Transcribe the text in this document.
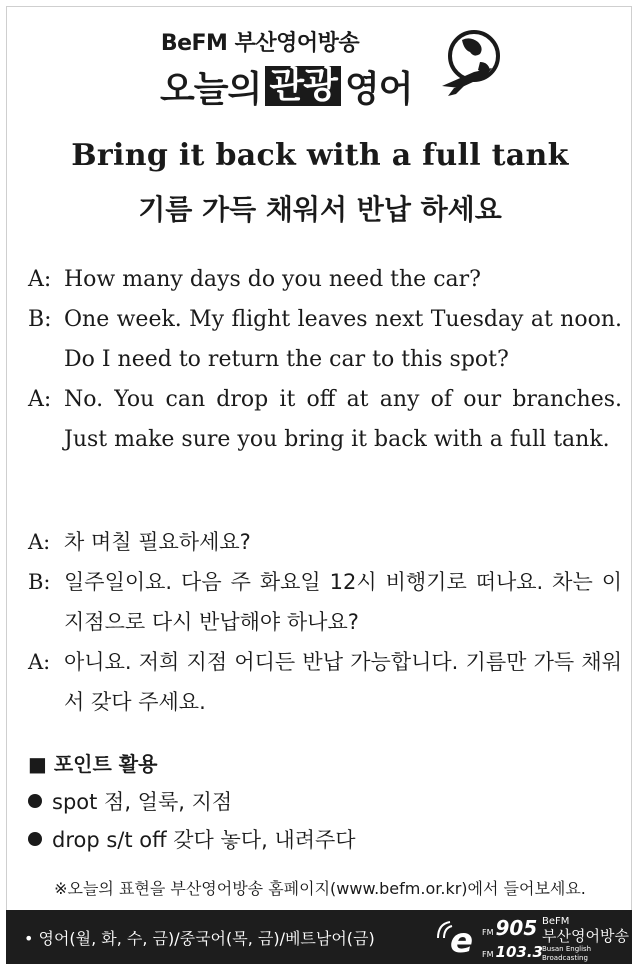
BeFM 부산영어방송
오늘의 관광 영어
Bring it back with a full tank
기름 가득 채워서 반납 하세요
A: How many days do you need the car?
B: One week. My flight leaves next Tuesday at noon. Do I need to return the car to this spot?
A: No. You can drop it off at any of our branches. Just make sure you bring it back with a full tank.
A: 차 며칠 필요하세요?
B: 일주일이요. 다음 주 화요일 12시 비행기로 떠나요. 차는 이 지점으로 다시 반납해야 하나요?
A: 아니요. 저희 지점 어디든 반납 가능합니다. 기름만 가득 채워서 갖다 주세요.
■ 포인트 활용
spot 점, 얼룩, 지점
drop s/t off 갖다 놓다, 내려주다
※오늘의 표현을 부산영어방송 홈페이지(www.befm.or.kr)에서 들어보세요.
• 영어(월, 화, 수, 금)/중국어(목, 금)/베트남어(금) e FM 905
FM 103.3
BeFM
부산영어방송
Busan English Broadcasting
